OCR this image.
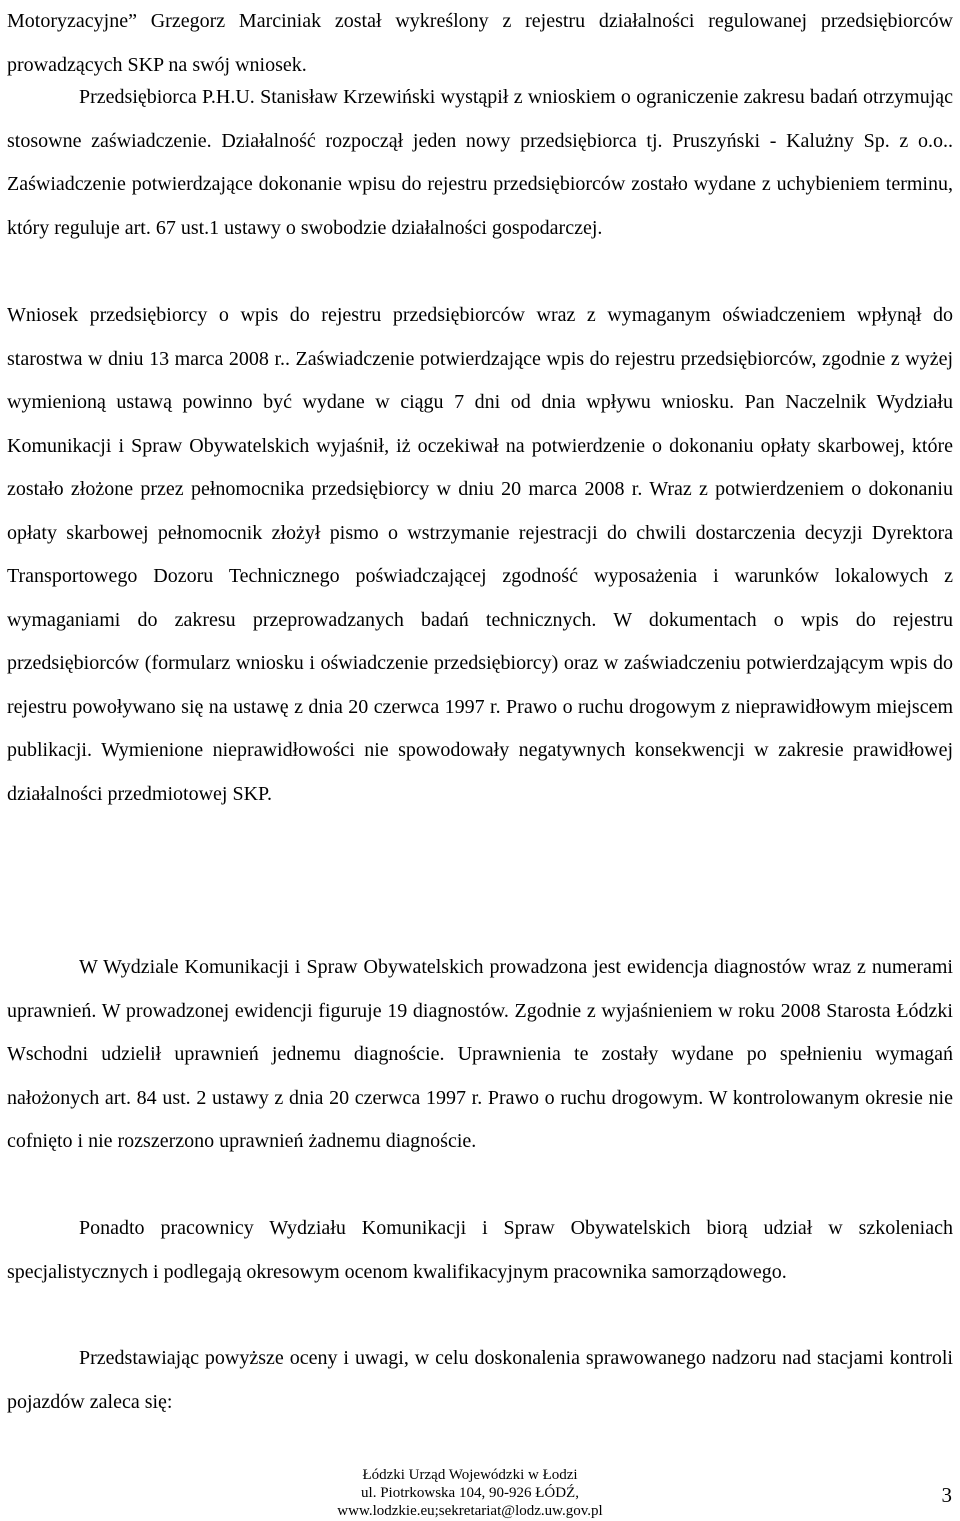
Motoryzacyjne” Grzegorz Marciniak został wykreślony z rejestru działalności regulowanej przedsiębiorców prowadzących SKP na swój wniosek.

Przedsiębiorca P.H.U. Stanisław Krzewiński wystąpił z wnioskiem o ograniczenie zakresu badań otrzymując stosowne zaświadczenie. Działalność rozpoczął jeden nowy przedsiębiorca tj. Pruszyński - Kalużny Sp. z o.o.. Zaświadczenie potwierdzające dokonanie wpisu do rejestru przedsiębiorców zostało wydane z uchybieniem terminu, który reguluje art. 67 ust.1 ustawy o swobodzie działalności gospodarczej.

Wniosek przedsiębiorcy o wpis do rejestru przedsiębiorców wraz z wymaganym oświadczeniem wpłynął do starostwa w dniu 13 marca 2008 r.. Zaświadczenie potwierdzające wpis do rejestru przedsiębiorców, zgodnie z wyżej wymienioną ustawą powinno być wydane w ciągu 7 dni od dnia wpływu wniosku. Pan Naczelnik Wydziału Komunikacji i Spraw Obywatelskich wyjaśnił, iż oczekiwał na potwierdzenie o dokonaniu opłaty skarbowej, które zostało złożone przez pełnomocnika przedsiębiorcy w dniu 20 marca 2008 r. Wraz z potwierdzeniem o dokonaniu opłaty skarbowej pełnomocnik złożył pismo o wstrzymanie rejestracji do chwili dostarczenia decyzji Dyrektora Transportowego Dozoru Technicznego poświadczającej zgodność wyposażenia i warunków lokalowych z wymaganiami do zakresu przeprowadzanych badań technicznych. W dokumentach o wpis do rejestru przedsiębiorców (formularz wniosku i oświadczenie przedsiębiorcy) oraz w zaświadczeniu potwierdzającym wpis do rejestru powoływano się na ustawę z dnia 20 czerwca 1997 r. Prawo o ruchu drogowym z nieprawidłowym miejscem publikacji. Wymienione nieprawidłowości nie spowodowały negatywnych konsekwencji w zakresie prawidłowej działalności przedmiotowej SKP.

W Wydziale Komunikacji i Spraw Obywatelskich prowadzona jest ewidencja diagnostów wraz z numerami uprawnień. W prowadzonej ewidencji figuruje 19 diagnostów. Zgodnie z wyjaśnieniem w roku 2008 Starosta Łódzki Wschodni udzielił uprawnień jednemu diagnoście. Uprawnienia te zostały wydane po spełnieniu wymagań nałożonych art. 84 ust. 2 ustawy z dnia 20 czerwca 1997 r. Prawo o ruchu drogowym. W kontrolowanym okresie nie cofnięto i nie rozszerzono uprawnień żadnemu diagnoście.

Ponadto pracownicy Wydziału Komunikacji i Spraw Obywatelskich biorą udział w szkoleniach specjalistycznych i podlegają okresowym ocenom kwalifikacyjnym pracownika samorządowego.

Przedstawiając powyższe oceny i uwagi, w celu doskonalenia sprawowanego nadzoru nad stacjami kontroli pojazdów zaleca się:

Łódzki Urząd Wojewódzki w Łodzi
ul. Piotrkowska 104, 90-926 ŁÓDŹ,
www.lodzkie.eu;sekretariat@lodz.uw.gov.pl
3
